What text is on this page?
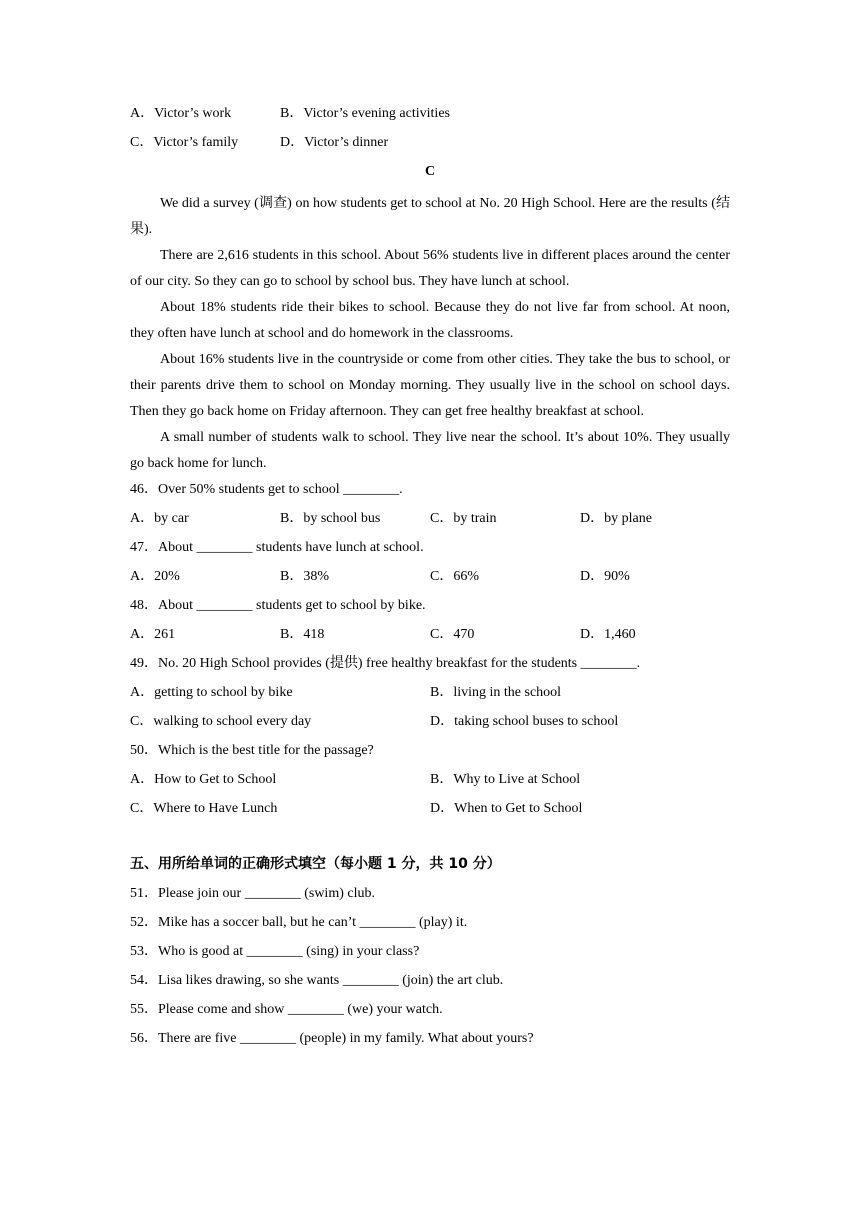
A．Victor’s work	B．Victor’s evening activities
C．Victor’s family	D．Victor’s dinner
C

We did a survey (调查) on how students get to school at No. 20 High School. Here are the results (结果).

There are 2,616 students in this school. About 56% students live in different places around the center of our city. So they can go to school by school bus. They have lunch at school.

About 18% students ride their bikes to school. Because they do not live far from school. At noon, they often have lunch at school and do homework in the classrooms.

About 16% students live in the countryside or come from other cities. They take the bus to school, or their parents drive them to school on Monday morning. They usually live in the school on school days. Then they go back home on Friday afternoon. They can get free healthy breakfast at school.

A small number of students walk to school. They live near the school. It’s about 10%. They usually go back home for lunch.

46．Over 50% students get to school ________.
A．by car	B．by school bus	C．by train	D．by plane
47．About ________ students have lunch at school.
A．20%	B．38%	C．66%	D．90%
48．About ________ students get to school by bike.
A．261	B．418	C．470	D．1,460
49．No. 20 High School provides (提供) free healthy breakfast for the students ________.
A．getting to school by bike	B．living in the school
C．walking to school every day	D．taking school buses to school
50．Which is the best title for the passage?
A．How to Get to School	B．Why to Live at School
C．Where to Have Lunch	D．When to Get to School
五、用所给单词的正确形式填空（每小题 1 分，共 10 分）
51．Please join our ________ (swim) club.
52．Mike has a soccer ball, but he can’t ________ (play) it.
53．Who is good at ________ (sing) in your class?
54．Lisa likes drawing, so she wants ________ (join) the art club.
55．Please come and show ________ (we) your watch.
56．There are five ________ (people) in my family. What about yours?
